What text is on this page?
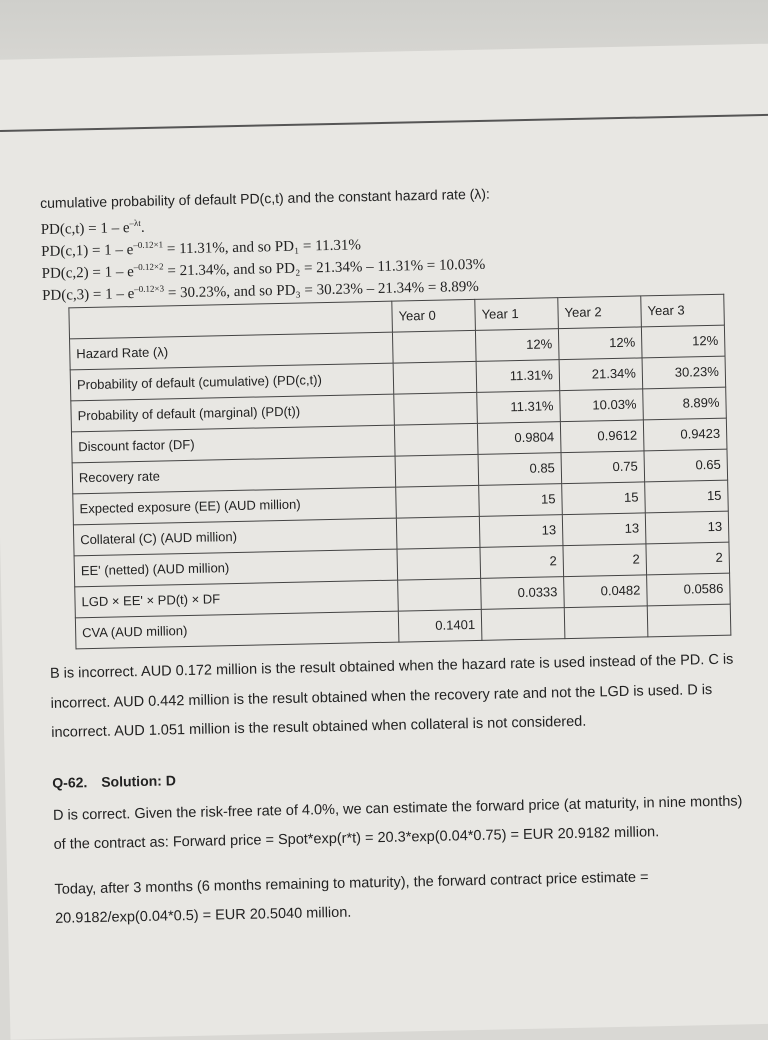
cumulative probability of default PD(c,t) and the constant hazard rate (λ):

$PD(c,t) = 1 - e^{-\lambda t}$.
$PD(c,1) = 1 - e^{-0.12\times 1} = 11.31\%$, and so PD₁ = 11.31%
$PD(c,2) = 1 - e^{-0.12\times 2} = 21.34\%$, and so PD₂ = 21.34% – 11.31% = 10.03%
$PD(c,3) = 1 - e^{-0.12\times 3} = 30.23\%$, and so PD₃ = 30.23% – 21.34% = 8.89%
	Year 0	Year 1	Year 2	Year 3
Hazard Rate (λ)		12%	12%	12%
Probability of default (cumulative) (PD(c,t))		11.31%	21.34%	30.23%
Probability of default (marginal) (PD(t))		11.31%	10.03%	8.89%
Discount factor (DF)		0.9804	0.9612	0.9423
Recovery rate		0.85	0.75	0.65
Expected exposure (EE) (AUD million)		15	15	15
Collateral (C) (AUD million)		13	13	13
EE' (netted) (AUD million)		2	2	2
LGD × EE' × PD(t) × DF		0.0333	0.0482	0.0586
CVA (AUD million)	0.1401			

B is incorrect. AUD 0.172 million is the result obtained when the hazard rate is used instead of the PD. C is incorrect. AUD 0.442 million is the result obtained when the recovery rate and not the LGD is used. D is incorrect. AUD 1.051 million is the result obtained when collateral is not considered.

Q-62. Solution: D

D is correct. Given the risk-free rate of 4.0%, we can estimate the forward price (at maturity, in nine months) of the contract as: Forward price = Spot*exp(r*t) = 20.3*exp(0.04*0.75) = EUR 20.9182 million.

Today, after 3 months (6 months remaining to maturity), the forward contract price estimate = 20.9182/exp(0.04*0.5) = EUR 20.5040 million.
